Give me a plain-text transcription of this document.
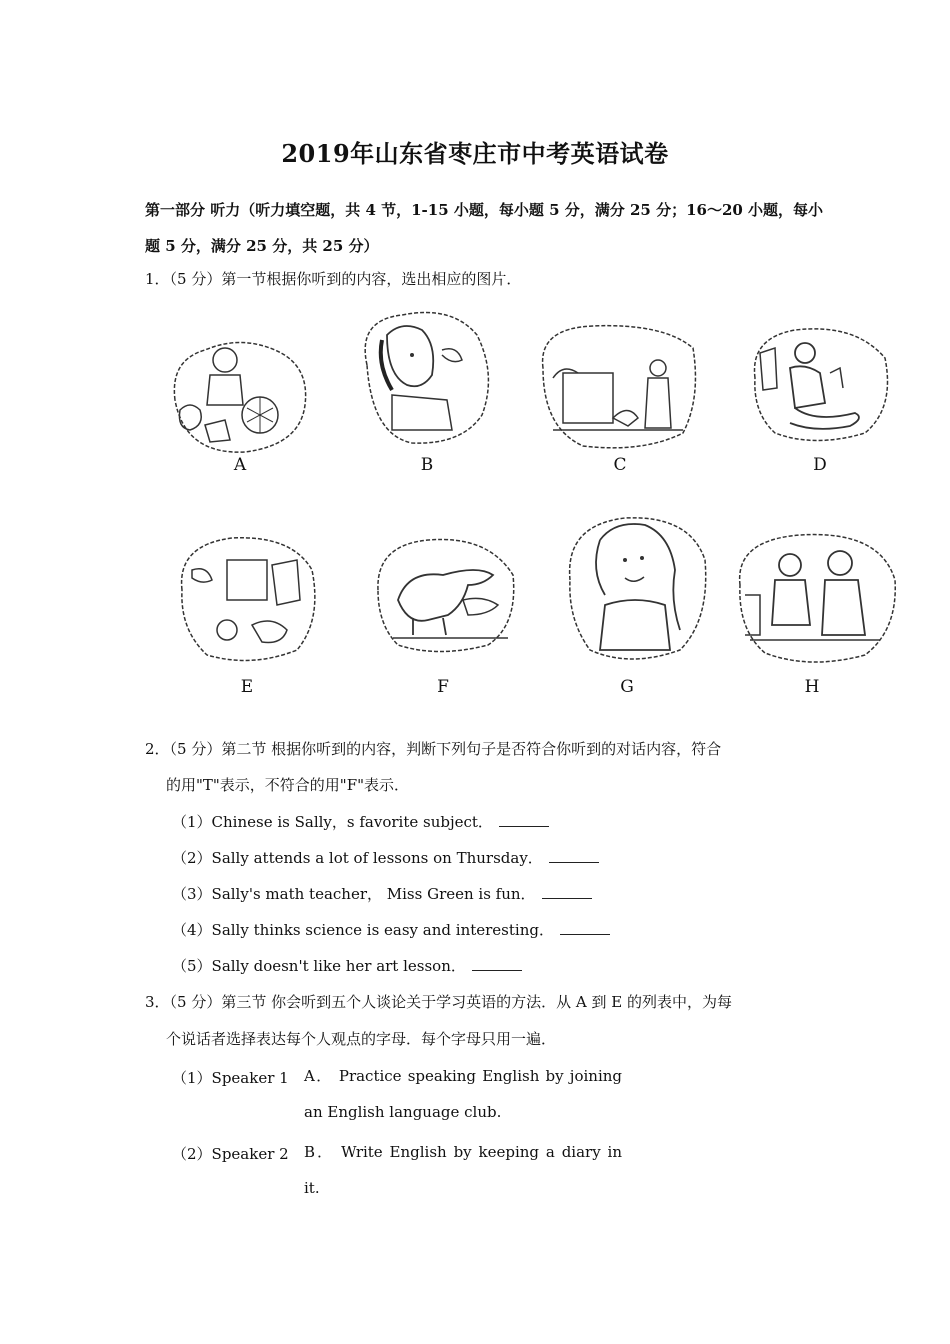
2019年山东省枣庄市中考英语试卷
第一部分 听力（听力填空题，共 4 节，1-15 小题，每小题 5 分，满分 25 分；16～20 小题，每小题 5 分，满分 25 分，共 25 分）
1．（5 分）第一节根据你听到的内容，选出相应的图片．
A	B	C	D
E	F	G	H
2．（5 分）第二节 根据你听到的内容，判断下列句子是否符合你听到的对话内容，符合
的用"T"表示，不符合的用"F"表示．
（1）Chinese is Sally，s favorite subject．
（2）Sally attends a lot of lessons on Thursday．
（3）Sally's math teacher， Miss Green is fun．
（4）Sally thinks science is easy and interesting．
（5）Sally doesn't like her art lesson．
3．（5 分）第三节 你会听到五个人谈论关于学习英语的方法．从 A 到 E 的列表中，为每
个说话者选择表达每个人观点的字母．每个字母只用一遍．
（1）Speaker 1 A． Practice speaking English by joining an English language club.
（2）Speaker 2 B． Write English by keeping a diary in it.
